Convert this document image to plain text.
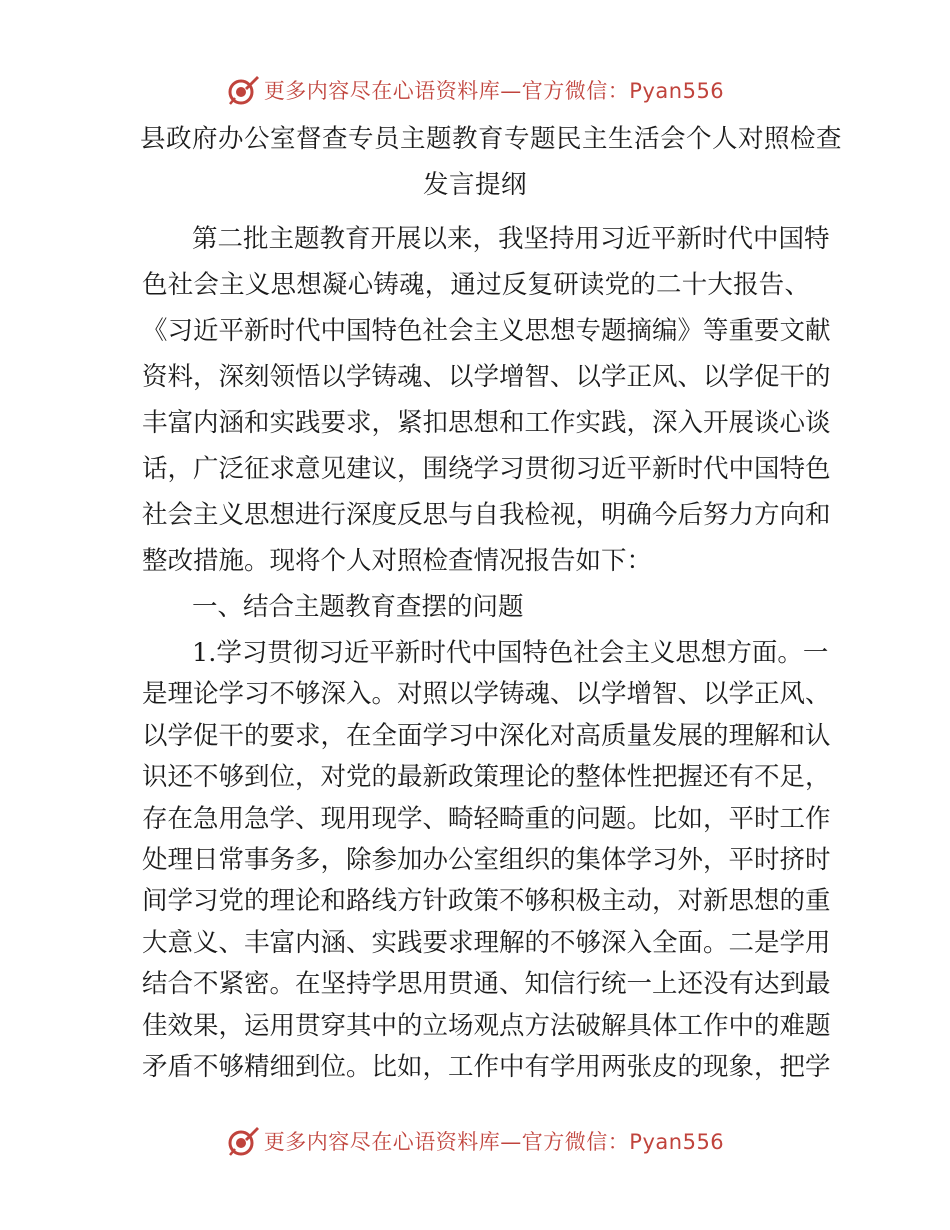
更多内容尽在心语资料库—官方微信：Pyan556
县政府办公室督查专员主题教育专题民主生活会个人对照检查
发言提纲
第二批主题教育开展以来，我坚持用习近平新时代中国特
色社会主义思想凝心铸魂，通过反复研读党的二十大报告、
《习近平新时代中国特色社会主义思想专题摘编》等重要文献
资料，深刻领悟以学铸魂、以学增智、以学正风、以学促干的
丰富内涵和实践要求，紧扣思想和工作实践，深入开展谈心谈
话，广泛征求意见建议，围绕学习贯彻习近平新时代中国特色
社会主义思想进行深度反思与自我检视，明确今后努力方向和
整改措施。现将个人对照检查情况报告如下：
一、结合主题教育查摆的问题
1.学习贯彻习近平新时代中国特色社会主义思想方面。一
是理论学习不够深入。对照以学铸魂、以学增智、以学正风、
以学促干的要求，在全面学习中深化对高质量发展的理解和认
识还不够到位，对党的最新政策理论的整体性把握还有不足，
存在急用急学、现用现学、畸轻畸重的问题。比如，平时工作
处理日常事务多，除参加办公室组织的集体学习外，平时挤时
间学习党的理论和路线方针政策不够积极主动，对新思想的重
大意义、丰富内涵、实践要求理解的不够深入全面。二是学用
结合不紧密。在坚持学思用贯通、知信行统一上还没有达到最
佳效果，运用贯穿其中的立场观点方法破解具体工作中的难题
更多内容尽在心语资料库—官方微信：Pyan556
矛盾不够精细到位。比如，工作中有学用两张皮的现象，把学
